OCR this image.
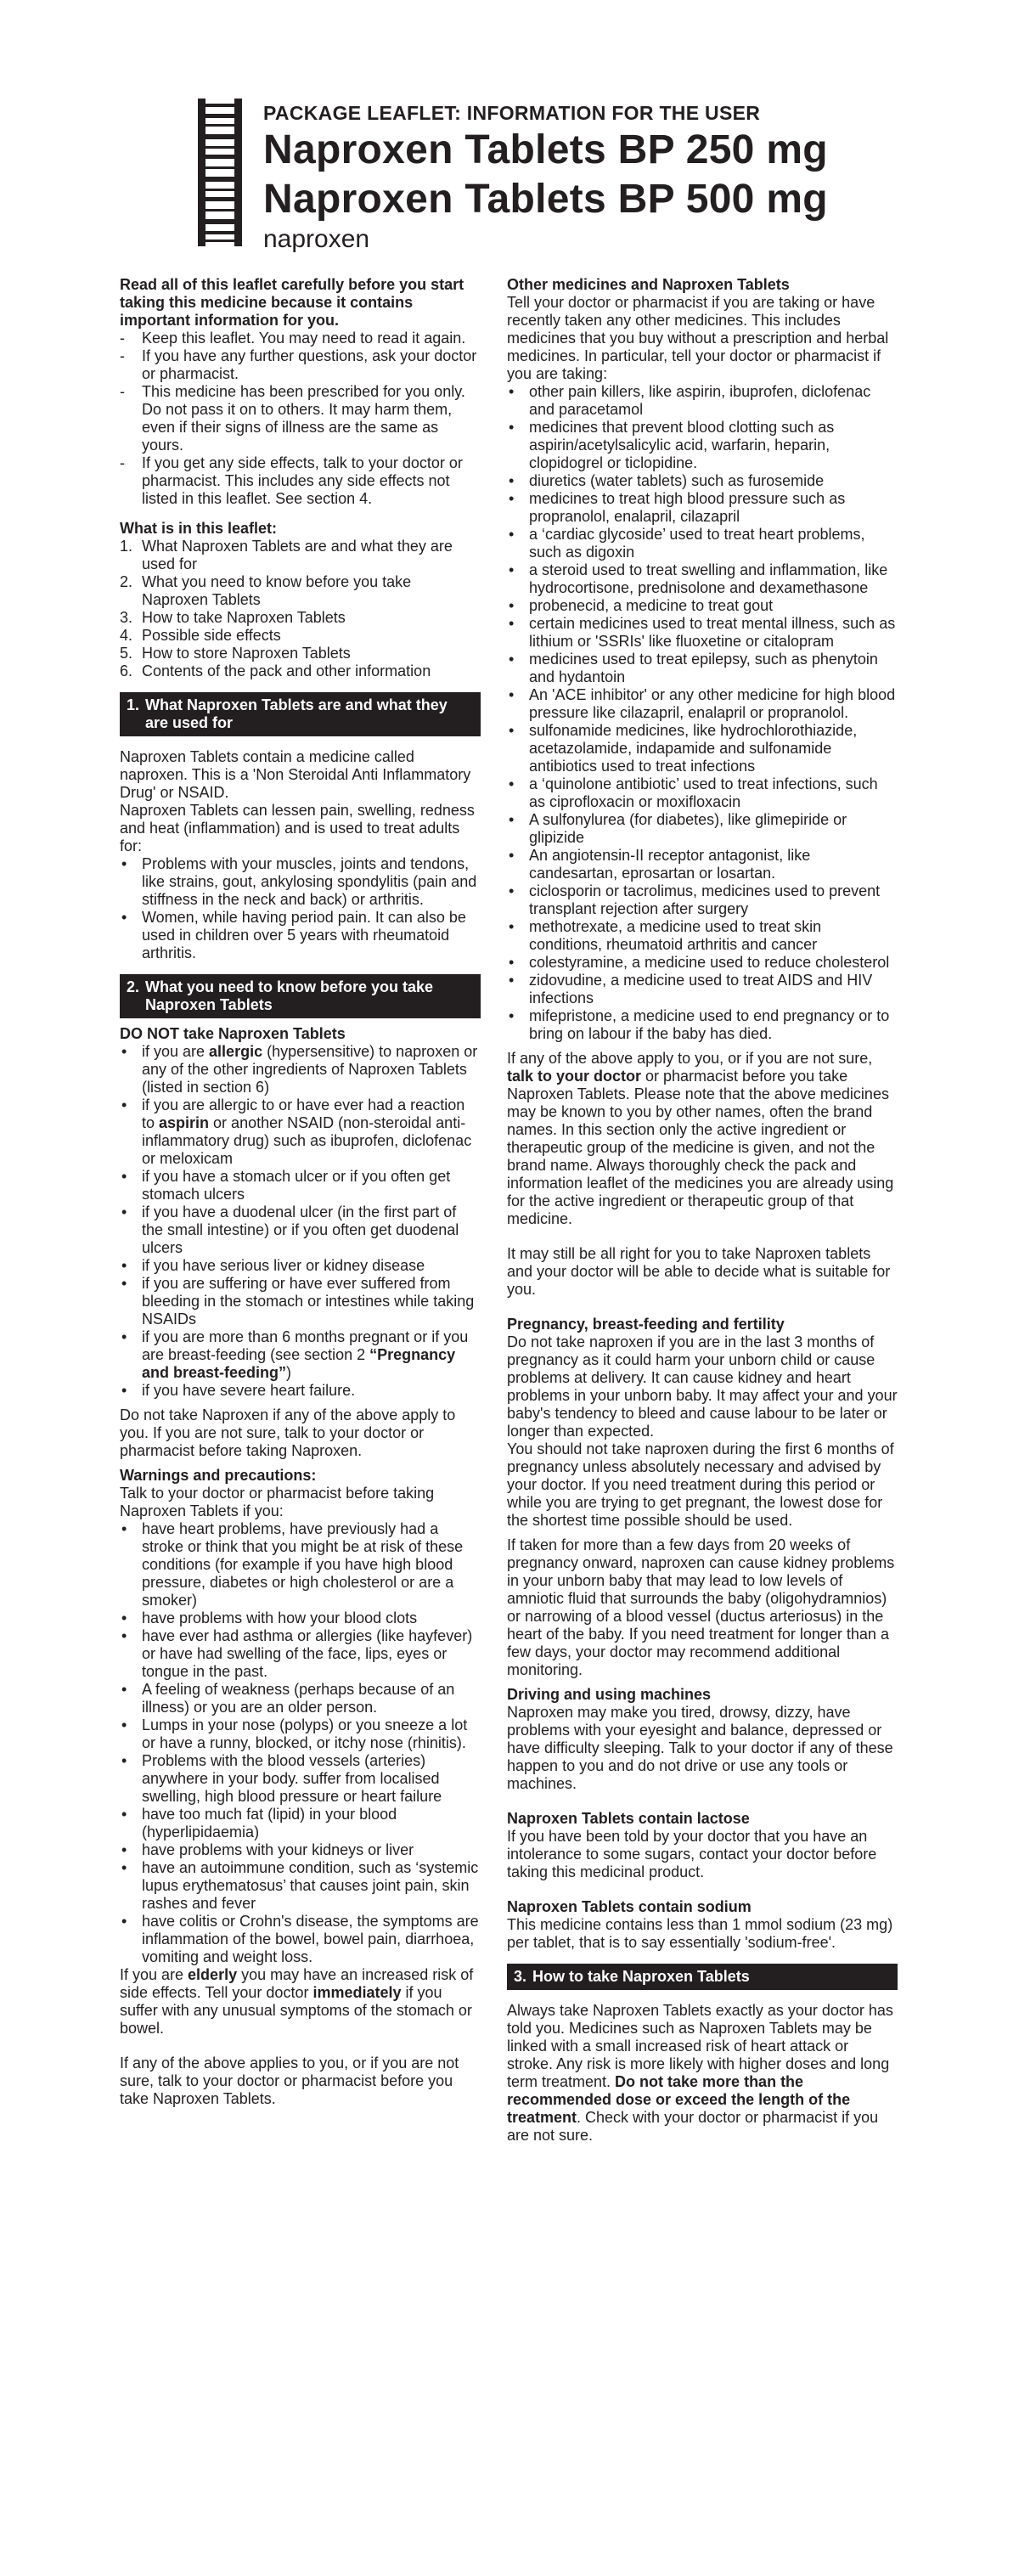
PACKAGE LEAFLET: INFORMATION FOR THE USER

Naproxen Tablets BP 250 mg

Naproxen Tablets BP 500 mg

naproxen

Read all of this leaflet carefully before you start taking this medicine because it contains important information for you.

- Keep this leaflet. You may need to read it again.
- If you have any further questions, ask your doctor or pharmacist.
- This medicine has been prescribed for you only. Do not pass it on to others. It may harm them, even if their signs of illness are the same as yours.
- If you get any side effects, talk to your doctor or pharmacist. This includes any side effects not listed in this leaflet. See section 4.

What is in this leaflet:

1. What Naproxen Tablets are and what they are used for
2. What you need to know before you take Naproxen Tablets
3. How to take Naproxen Tablets
4. Possible side effects
5. How to store Naproxen Tablets
6. Contents of the pack and other information
1. What Naproxen Tablets are and what they are used for

Naproxen Tablets contain a medicine called naproxen. This is a 'Non Steroidal Anti Inflammatory Drug' or NSAID.

Naproxen Tablets can lessen pain, swelling, redness and heat (inflammation) and is used to treat adults for:

• Problems with your muscles, joints and tendons, like strains, gout, ankylosing spondylitis (pain and stiffness in the neck and back) or arthritis.
• Women, while having period pain. It can also be used in children over 5 years with rheumatoid arthritis.
2. What you need to know before you take Naproxen Tablets

DO NOT take Naproxen Tablets

• if you are allergic (hypersensitive) to naproxen or any of the other ingredients of Naproxen Tablets (listed in section 6)
• if you are allergic to or have ever had a reaction to aspirin or another NSAID (non-steroidal anti-inflammatory drug) such as ibuprofen, diclofenac or meloxicam
• if you have a stomach ulcer or if you often get stomach ulcers
• if you have a duodenal ulcer (in the first part of the small intestine) or if you often get duodenal ulcers
• if you have serious liver or kidney disease
• if you are suffering or have ever suffered from bleeding in the stomach or intestines while taking NSAIDs
• if you are more than 6 months pregnant or if you are breast-feeding (see section 2 “Pregnancy and breast-feeding”)
• if you have severe heart failure.

Do not take Naproxen if any of the above apply to you. If you are not sure, talk to your doctor or pharmacist before taking Naproxen.

Warnings and precautions:

Talk to your doctor or pharmacist before taking Naproxen Tablets if you:

• have heart problems, have previously had a stroke or think that you might be at risk of these conditions (for example if you have high blood pressure, diabetes or high cholesterol or are a smoker)
• have problems with how your blood clots
• have ever had asthma or allergies (like hayfever) or have had swelling of the face, lips, eyes or tongue in the past.
• A feeling of weakness (perhaps because of an illness) or you are an older person.
• Lumps in your nose (polyps) or you sneeze a lot or have a runny, blocked, or itchy nose (rhinitis).
• Problems with the blood vessels (arteries) anywhere in your body. suffer from localised swelling, high blood pressure or heart failure
• have too much fat (lipid) in your blood (hyperlipidaemia)
• have problems with your kidneys or liver
• have an autoimmune condition, such as ‘systemic lupus erythematosus’ that causes joint pain, skin rashes and fever
• have colitis or Crohn's disease, the symptoms are inflammation of the bowel, bowel pain, diarrhoea, vomiting and weight loss.

If you are elderly you may have an increased risk of side effects. Tell your doctor immediately if you suffer with any unusual symptoms of the stomach or bowel.

If any of the above applies to you, or if you are not sure, talk to your doctor or pharmacist before you take Naproxen Tablets.

Other medicines and Naproxen Tablets

Tell your doctor or pharmacist if you are taking or have recently taken any other medicines. This includes medicines that you buy without a prescription and herbal medicines. In particular, tell your doctor or pharmacist if you are taking:

• other pain killers, like aspirin, ibuprofen, diclofenac and paracetamol
• medicines that prevent blood clotting such as aspirin/acetylsalicylic acid, warfarin, heparin, clopidogrel or ticlopidine.
• diuretics (water tablets) such as furosemide
• medicines to treat high blood pressure such as propranolol, enalapril, cilazapril
• a ‘cardiac glycoside’ used to treat heart problems, such as digoxin
• a steroid used to treat swelling and inflammation, like hydrocortisone, prednisolone and dexamethasone
• probenecid, a medicine to treat gout
• certain medicines used to treat mental illness, such as lithium or 'SSRIs' like fluoxetine or citalopram
• medicines used to treat epilepsy, such as phenytoin and hydantoin
• An 'ACE inhibitor' or any other medicine for high blood pressure like cilazapril, enalapril or propranolol.
• sulfonamide medicines, like hydrochlorothiazide, acetazolamide, indapamide and sulfonamide antibiotics used to treat infections
• a ‘quinolone antibiotic’ used to treat infections, such as ciprofloxacin or moxifloxacin
• A sulfonylurea (for diabetes), like glimepiride or glipizide
• An angiotensin-II receptor antagonist, like candesartan, eprosartan or losartan.
• ciclosporin or tacrolimus, medicines used to prevent transplant rejection after surgery
• methotrexate, a medicine used to treat skin conditions, rheumatoid arthritis and cancer
• colestyramine, a medicine used to reduce cholesterol
• zidovudine, a medicine used to treat AIDS and HIV infections
• mifepristone, a medicine used to end pregnancy or to bring on labour if the baby has died.

If any of the above apply to you, or if you are not sure, talk to your doctor or pharmacist before you take Naproxen Tablets. Please note that the above medicines may be known to you by other names, often the brand names. In this section only the active ingredient or therapeutic group of the medicine is given, and not the brand name. Always thoroughly check the pack and information leaflet of the medicines you are already using for the active ingredient or therapeutic group of that medicine.

It may still be all right for you to take Naproxen tablets and your doctor will be able to decide what is suitable for you.

Pregnancy, breast-feeding and fertility

Do not take naproxen if you are in the last 3 months of pregnancy as it could harm your unborn child or cause problems at delivery. It can cause kidney and heart problems in your unborn baby. It may affect your and your baby's tendency to bleed and cause labour to be later or longer than expected.

You should not take naproxen during the first 6 months of pregnancy unless absolutely necessary and advised by your doctor. If you need treatment during this period or while you are trying to get pregnant, the lowest dose for the shortest time possible should be used.

If taken for more than a few days from 20 weeks of pregnancy onward, naproxen can cause kidney problems in your unborn baby that may lead to low levels of amniotic fluid that surrounds the baby (oligohydramnios) or narrowing of a blood vessel (ductus arteriosus) in the heart of the baby. If you need treatment for longer than a few days, your doctor may recommend additional monitoring.

Driving and using machines

Naproxen may make you tired, drowsy, dizzy, have problems with your eyesight and balance, depressed or have difficulty sleeping. Talk to your doctor if any of these happen to you and do not drive or use any tools or machines.

Naproxen Tablets contain lactose

If you have been told by your doctor that you have an intolerance to some sugars, contact your doctor before taking this medicinal product.

Naproxen Tablets contain sodium

This medicine contains less than 1 mmol sodium (23 mg) per tablet, that is to say essentially 'sodium-free'.

3. How to take Naproxen Tablets

Always take Naproxen Tablets exactly as your doctor has told you. Medicines such as Naproxen Tablets may be linked with a small increased risk of heart attack or stroke. Any risk is more likely with higher doses and long term treatment. Do not take more than the recommended dose or exceed the length of the treatment. Check with your doctor or pharmacist if you are not sure.
